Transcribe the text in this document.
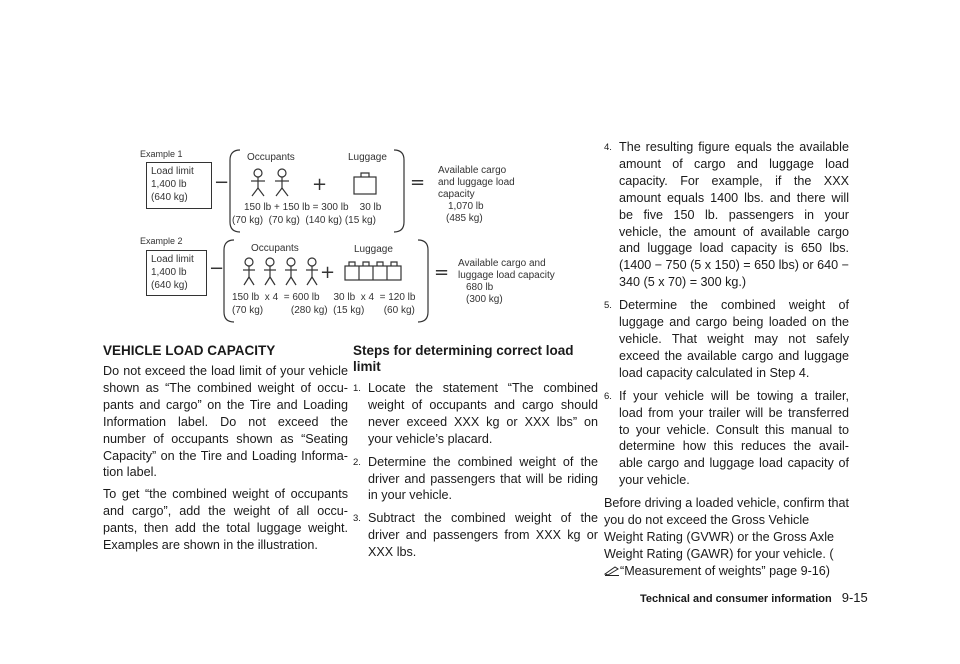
Example 1
Load limit
1,400 lb
(640 kg)
−
Occupants	Luggage
+
150 lb + 150 lb = 300 lb    30 lb
(70 kg)  (70 kg)  (140 kg) (15 kg)
=
Available cargo
and luggage load
capacity
1,070 lb
(485 kg)
Example 2
Load limit
1,400 lb
(640 kg)
−
Occupants	Luggage
+
150 lb  x 4  = 600 lb     30 lb  x 4  = 120 lb
(70 kg)          (280 kg)  (15 kg)       (60 kg)
= Available cargo and
luggage load capacity
680 lb
(300 kg)
VEHICLE LOAD CAPACITY

Do not exceed the load limit of your vehicle shown as “The combined weight of occu-pants and cargo” on the Tire and Loading Information label. Do not exceed the number of occupants shown as “Seating Capacity” on the Tire and Loading Informa-tion label.

To get “the combined weight of occupants and cargo”, add the weight of all occu-pants, then add the total luggage weight. Examples are shown in the illustration.

Steps for determining correct load limit
1. Locate the statement “The combined weight of occupants and cargo should never exceed XXX kg or XXX lbs” on your vehicle’s placard.
2. Determine the combined weight of the driver and passengers that will be riding in your vehicle.
3. Subtract the combined weight of the driver and passengers from XXX kg or XXX lbs.
4. The resulting figure equals the available amount of cargo and luggage load capacity. For example, if the XXX amount equals 1400 lbs. and there will be five 150 lb. passengers in your vehicle, the amount of available cargo and luggage load capacity is 650 lbs. (1400 − 750 (5 x 150) = 650 lbs) or 640 − 340 (5 x 70) = 300 kg.)
5. Determine the combined weight of luggage and cargo being loaded on the vehicle. That weight may not safely exceed the available cargo and luggage load capacity calculated in Step 4.
6. If your vehicle will be towing a trailer, load from your trailer will be transferred to your vehicle. Consult this manual to determine how this reduces the avail-able cargo and luggage load capacity of your vehicle.

Before driving a loaded vehicle, confirm that you do not exceed the Gross Vehicle Weight Rating (GVWR) or the Gross Axle Weight Rating (GAWR) for your vehicle. (“Measurement of weights” page 9-16)

Technical and consumer information 9-15
